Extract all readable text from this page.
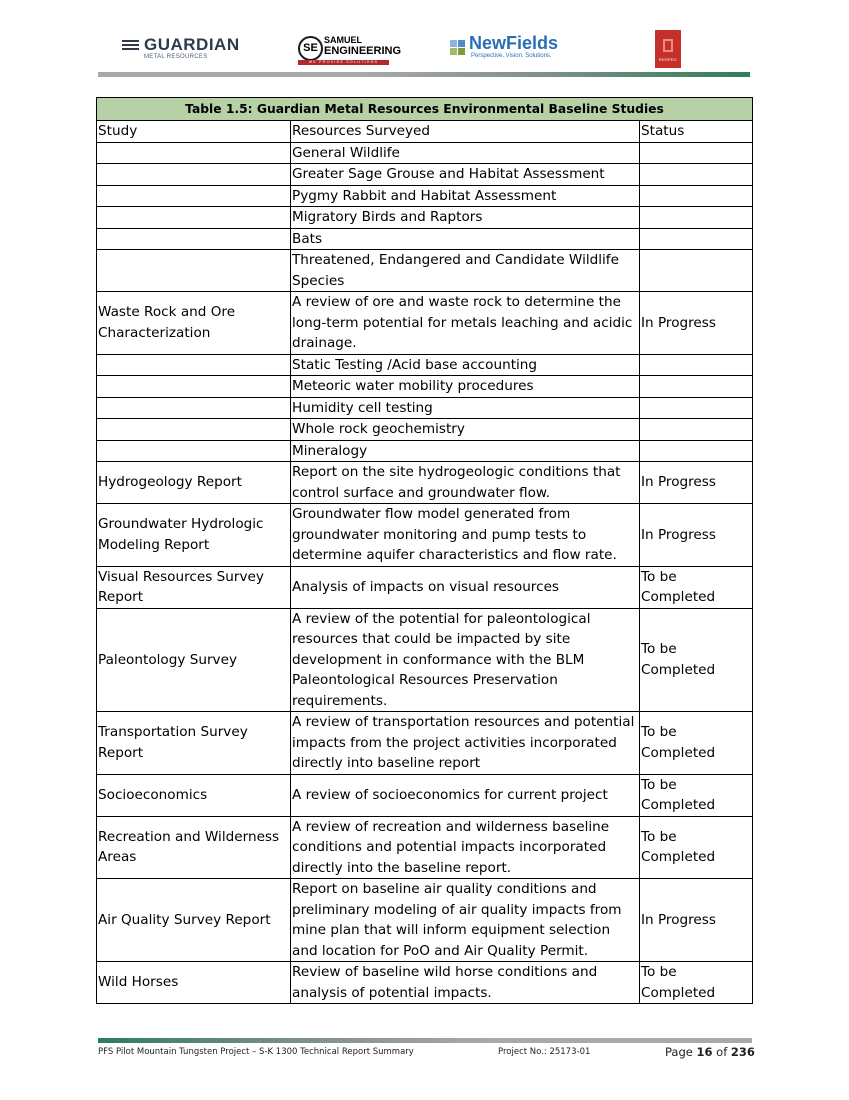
GUARDIAN
METAL RESOURCES
SE
SAMUEL
ENGINEERING
WE PROVIDE SOLUTIONS
NewFields
Perspective. Vision. Solutions.
RESPEC
Table 1.5: Guardian Metal Resources Environmental Baseline Studies		
Study	Resources Surveyed	Status
	General Wildlife	
	Greater Sage Grouse and Habitat Assessment	
	Pygmy Rabbit and Habitat Assessment	
	Migratory Birds and Raptors	
	Bats	
	Threatened, Endangered and Candidate Wildlife Species	
Waste Rock and Ore Characterization	A review of ore and waste rock to determine the long-term potential for metals leaching and acidic drainage.	In Progress
	Static Testing /Acid base accounting	
	Meteoric water mobility procedures	
	Humidity cell testing	
	Whole rock geochemistry	
	Mineralogy	
Hydrogeology Report	Report on the site hydrogeologic conditions that control surface and groundwater flow.	In Progress
Groundwater Hydrologic Modeling Report	Groundwater flow model generated from groundwater monitoring and pump tests to determine aquifer characteristics and flow rate.	In Progress
Visual Resources Survey Report	Analysis of impacts on visual resources	To be Completed
Paleontology Survey	A review of the potential for paleontological resources that could be impacted by site development in conformance with the BLM Paleontological Resources Preservation requirements.	To be Completed
Transportation Survey Report	A review of transportation resources and potential impacts from the project activities incorporated directly into baseline report	To be Completed
Socioeconomics	A review of socioeconomics for current project	To be Completed
Recreation and Wilderness Areas	A review of recreation and wilderness baseline conditions and potential impacts incorporated directly into the baseline report.	To be Completed
Air Quality Survey Report	Report on baseline air quality conditions and preliminary modeling of air quality impacts from mine plan that will inform equipment selection and location for PoO and Air Quality Permit.	In Progress
Wild Horses	Review of baseline wild horse conditions and analysis of potential impacts.	To be Completed
PFS Pilot Mountain Tungsten Project – S-K 1300 Technical Report Summary	Project No.: 25173-01	Page 16 of 236
